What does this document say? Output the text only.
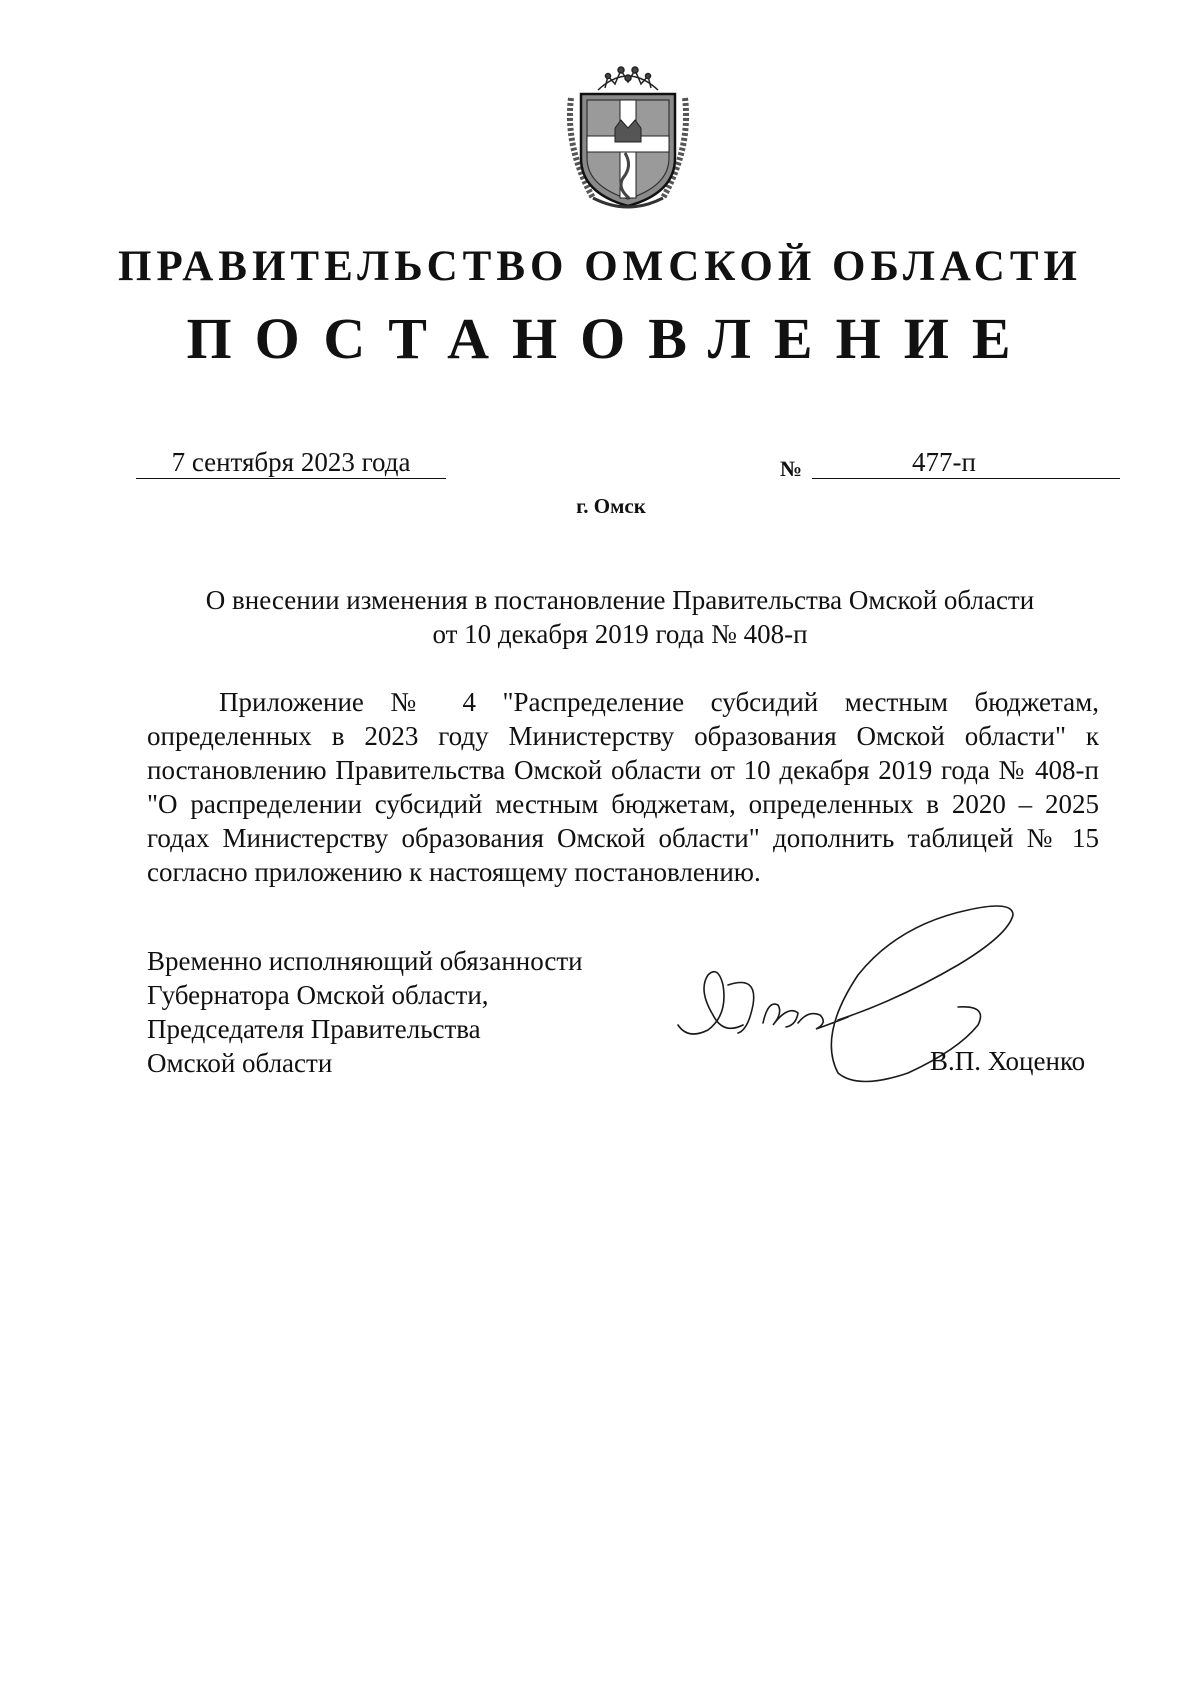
ПРАВИТЕЛЬСТВО ОМСКОЙ ОБЛАСТИ
ПОСТАНОВЛЕНИЕ
7 сентября 2023 года	№	477-п
г. Омск
О внесении изменения в постановление Правительства Омской области
от 10 декабря 2019 года № 408-п

Приложение № 4 "Распределение субсидий местным бюджетам, определенных в 2023 году Министерству образования Омской области" к постановлению Правительства Омской области от 10 декабря 2019 года № 408-п "О распределении субсидий местным бюджетам, определенных в 2020 – 2025 годах Министерству образования Омской области" дополнить таблицей № 15 согласно приложению к настоящему постановлению.

Временно исполняющий обязанности
Губернатора Омской области,
Председателя Правительства
Омской области	В.П. Хоценко
